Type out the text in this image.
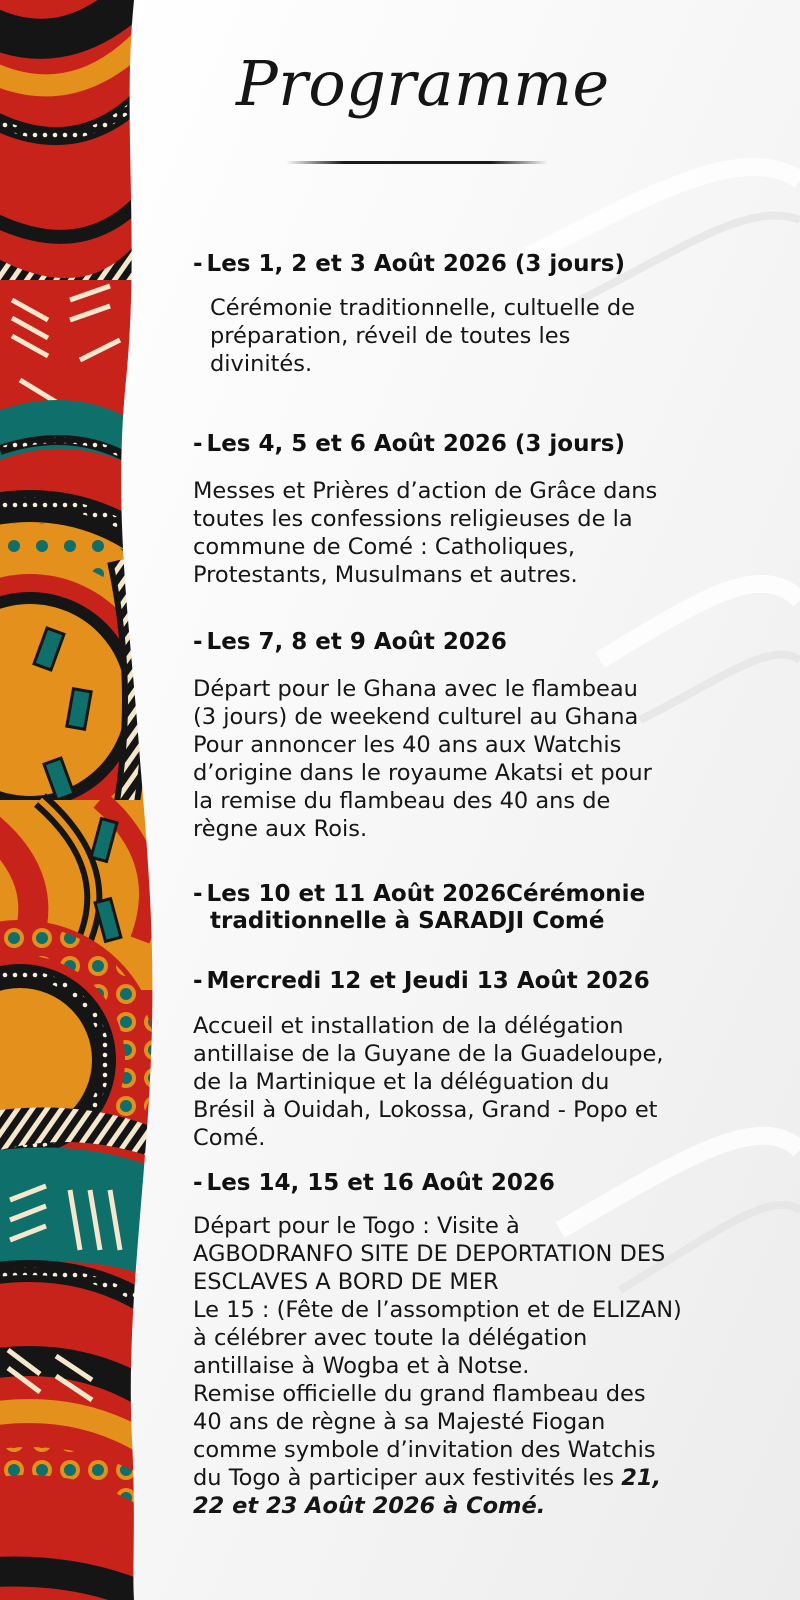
Programme
- Les 1, 2 et 3 Août 2026 (3 jours)
Cérémonie traditionnelle, cultuelle de
préparation, réveil de toutes les
divinités.
- Les 4, 5 et 6 Août 2026 (3 jours)
Messes et Prières d’action de Grâce dans
toutes les confessions religieuses de la
commune de Comé : Catholiques,
Protestants, Musulmans et autres.
- Les 7, 8 et 9 Août 2026
Départ pour le Ghana avec le flambeau
(3 jours) de weekend culturel au Ghana
Pour annoncer les 40 ans aux Watchis
d’origine dans le royaume Akatsi et pour
la remise du flambeau des 40 ans de
règne aux Rois.
- Les 10 et 11 Août 2026Cérémonie
traditionnelle à SARADJI Comé
- Mercredi 12 et Jeudi 13 Août 2026
Accueil et installation de la délégation
antillaise de la Guyane de la Guadeloupe,
de la Martinique et la déléguation du
Brésil à Ouidah, Lokossa, Grand - Popo et
Comé.
- Les 14, 15 et 16 Août 2026
Départ pour le Togo : Visite à
AGBODRANFO SITE DE DEPORTATION DES
ESCLAVES A BORD DE MER
Le 15 : (Fête de l’assomption et de ELIZAN)
à célébrer avec toute la délégation
antillaise à Wogba et à Notse.
Remise officielle du grand flambeau des
40 ans de règne à sa Majesté Fiogan
comme symbole d’invitation des Watchis
du Togo à participer aux festivités les 21,
22 et 23 Août 2026 à Comé.
